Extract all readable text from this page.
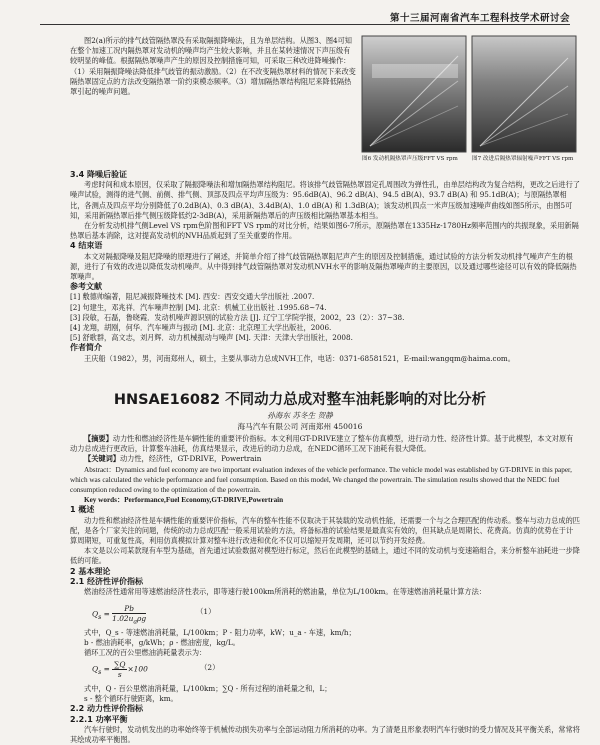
第十三届河南省汽车工程科技学术研讨会

图2(a)所示的排气歧管隔热罩没有采取隔振降噪法，且为单层结构。从图3、图4可知在整个加速工况内隔热罩对发动机的噪声均产生较大影响，并且在某转速情况下声压级有较明显的峰值。根据隔热罩噪声产生的原因及控制措施可知，可采取三种改进降噪操作：（1）采用隔振降噪法降低排气歧管的振动激励。（2）在不改变隔热罩材料的情况下来改变隔热罩固定点的方法改变隔热罩一阶约束模态频率。（3）增加隔热罩结构阻尼来降低隔热罩引起的噪声问题。

图6 发动机隔热罩声压级FFT VS rpm	图7 改进后隔热罩辐射噪声FFT VS rpm
3.4 降噪后验证

考虑时间和成本原因，仅采取了隔振降噪法和增加隔热罩结构阻尼。将该排气歧管隔热罩固定孔周围改为弹性孔，由单层结构改为复合结构，更改之后进行了噪声试验，测得的进气侧、前侧、排气侧、顶部及四点平均声压级为：95.6dB(A)、96.2 dB(A)、94.5 dB(A)、93.7 dB(A) 和 95.1dB(A)；与原隔热罩相比，各测点及四点平均分别降低了0.2dB(A)、0.3 dB(A)、3.4dB(A)、1.0 dB(A) 和 1.3dB(A)；该发动机四点一米声压级加速噪声曲线如图5所示，由图5可知，采用新隔热罩后排气侧压级降低约2-3dB(A)，采用新隔热罩后的声压级相比隔热罩基本相当。

在分析发动机排气侧Level VS rpm色阶图和FFT VS rpm的对比分析，结果如图6-7所示，原隔热罩在1335Hz-1780Hz频率范围内的共振现象，采用新隔热罩后基本消除，这对提高发动机的NVH品质起到了至关重要的作用。

4 结束语

本文对隔振降噪及阻尼降噪的原理进行了阐述，并简单介绍了排气歧管隔热罩阻尼声产生的原因及控制措施，通过试验的方法分析发动机排气噪声产生的根源，进行了有效的改进以降低发动机噪声。从中得到排气歧管隔热罩对发动机NVH水平的影响及隔热罩噪声的主要原因，以及通过哪些途径可以有效的降低隔热罩噪声。

参考文献

[1] 敷德帅编著，阻尼减振降噪技术 [M]. 西安：西安交通大学出版社 .2007.

[2] 句建生，邓兆祥．汽车噪声控制 [M]. 北京：机械工业出版社 .1995.68~74.

[3] 段敏，石磊，鲁晓霞．发动机噪声源识别的试验方法 [J]. 辽宁工学院学报，2002，23（2）：37~38.

[4] 龙翔，胡刚，何华．汽车噪声与振动 [M]. 北京：北京理工大学出版社，2006.

[5] 舒歌群，高文志，刘月辉．动力机械振动与噪声 [M]. 天津：天津大学出版社，2008.

作者简介

王庆船（1982），男，河南郑州人，硕士，主要从事动力总成NVH工作，电话：0371-68581521，E-mail:wangqm@haima.com。

HNSAE16082 不同动力总成对整车油耗影响的对比分析
孙海东 苏冬生 贺静
海马汽车有限公司 河南郑州 450016

【摘要】动力性和燃油经济性是车辆性能的重要评价指标。本文利用GT-DRIVE建立了整车仿真模型，进行动力性、经济性计算。基于此模型，本文对原有动力总成进行更改后，计算整车油耗，仿真结果显示，改进后的动力总成，在NEDC循环工况下油耗有很大降低。

【关键词】动力性，经济性，GT-DRIVE，Powertrain

Abstract：Dynamics and fuel economy are two important evaluation indexes of the vehicle performance. The vehicle model was established by GT-DRIVE in this paper, which was calculated the vehicle performance and fuel consumption. Based on this model, We changed the powertrain. The simulation results showed that the NEDC fuel consumption reduced owing to the optimization of the powertrain.

Key words：Performance,Fuel Economy,GT-DRIVE,Powertrain

1 概述

动力性和燃油经济性是车辆性能的重要评价指标，汽车的整车性能不仅取决于其装载的发动机性能，还需要一个与之合理匹配的传动系。整车与动力总成的匹配，是各个厂家关注的问题，传统的动力总成匹配一般采用试验的方法，将备标准的试验结果是最真实有效的，但其缺点是周期长、花费高。仿真的优势在于计算周期短，可重复性高，利用仿真模拟计算对整车进行改进和优化不仅可以缩短开发周期，还可以节约开发经费。

本文是以公司某款现有车型为基础，首先通过试验数据对模型进行标定，然后在此模型的基础上，通过不同的发动机与变速箱组合，来分析整车油耗进一步降低的可能。

2 基本理论
2.1 经济性评价指标

燃油经济性通常用等速燃油经济性表示，即等速行驶100km所消耗的燃油量，单位为L/100km。在等速燃油消耗量计算方法：

$Q_s$ =
Pb
$1.02u_a\rho g$
（1）

式中，Q_s - 等速燃油消耗量，L/100km；P - 阻力功率，kW；u_a - 车速，km/h；

b - 燃油消耗率，g/kWh；ρ - 燃油密度，kg/L。

循环工况的百公里燃油消耗量表示为：

$Q_s = \frac{\sum Q}{s} \times 100$	（2）

式中，Q - 百公里燃油消耗量，L/100km；∑Q - 所有过程的油耗量之和，L；

s - 整个循环行驶距离，km。

2.2 动力性评价指标
2.2.1 功率平衡

汽车行驶时，发动机发出的功率始终等于机械传动损失功率与全部运动阻力所消耗的功率。为了清楚且形象表明汽车行驶时的受力情况及其平衡关系，常常将其绘成功率平衡图。
